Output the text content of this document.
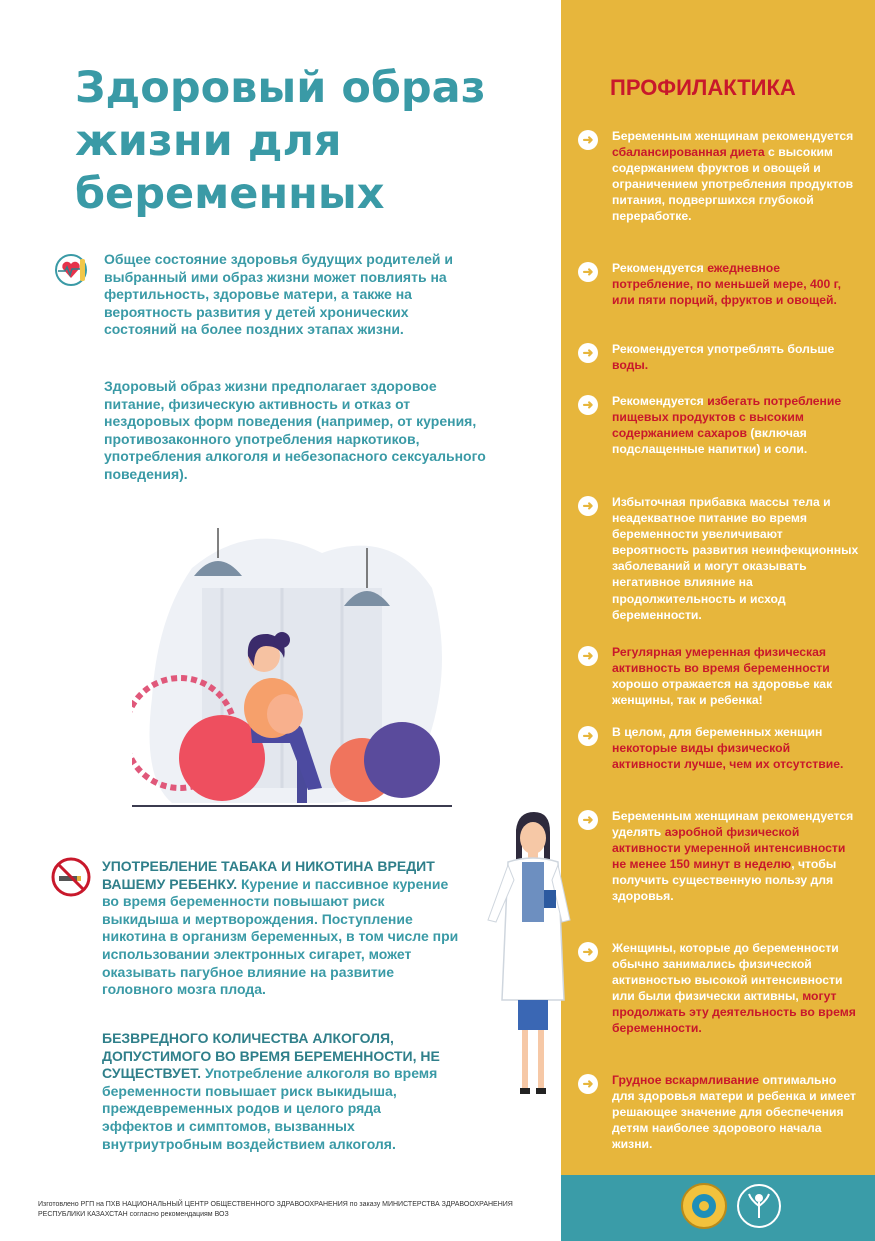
Здоровый образ жизни для беременных

Общее состояние здоровья будущих родителей и выбранный ими образ жизни может повлиять на фертильность, здоровье матери, а также на вероятность развития у детей хронических состояний на более поздних этапах жизни.

Здоровый образ жизни предполагает здоровое питание, физическую активность и отказ от нездоровых форм поведения (например, от курения, противозаконного употребления наркотиков, употребления алкоголя и небезопасного сексуального поведения).

УПОТРЕБЛЕНИЕ ТАБАКА И НИКОТИНА ВРЕДИТ ВАШЕМУ РЕБЕНКУ. Курение и пассивное курение во время беременности повышают риск выкидыша и мертворождения. Поступление никотина в организм беременных, в том числе при использовании электронных сигарет, может оказывать пагубное влияние на развитие головного мозга плода.

БЕЗВРЕДНОГО КОЛИЧЕСТВА АЛКОГОЛЯ, ДОПУСТИМОГО ВО ВРЕМЯ БЕРЕМЕННОСТИ, НЕ СУЩЕСТВУЕТ. Употребление алкоголя во время беременности повышает риск выкидыша, преждевременных родов и целого ряда эффектов и симптомов, вызванных внутриутробным воздействием алкоголя.

ПРОФИЛАКТИКА
➜	Беременным женщинам рекомендуется сбалансированная диета с высоким содержанием фруктов и овощей и ограничением употребления продуктов питания, подвергшихся глубокой переработке.

➜	Рекомендуется ежедневное потребление, по меньшей мере, 400 г, или пяти порций, фруктов и овощей.

➜	Рекомендуется употреблять больше воды.

➜	Рекомендуется избегать потребление пищевых продуктов с высоким содержанием сахаров (включая подслащенные напитки) и соли.

➜	Избыточная прибавка массы тела и неадекватное питание во время беременности увеличивают вероятность развития неинфекционных заболеваний и могут оказывать негативное влияние на продолжительность и исход беременности.

➜	Регулярная умеренная физическая активность во время беременности хорошо отражается на здоровье как женщины, так и ребенка!

➜	В целом, для беременных женщин некоторые виды физической активности лучше, чем их отсутствие.

➜	Беременным женщинам рекомендуется уделять аэробной физической активности умеренной интенсивности не менее 150 минут в неделю, чтобы получить существенную пользу для здоровья.

➜	Женщины, которые до беременности обычно занимались физической активностью высокой интенсивности или были физически активны, могут продолжать эту деятельность во время беременности.

➜	Грудное вскармливание оптимально для здоровья матери и ребенка и имеет решающее значение для обеспечения детям наиболее здорового начала жизни.

Изготовлено РГП на ПХВ НАЦИОНАЛЬНЫЙ ЦЕНТР ОБЩЕСТВЕННОГО ЗДРАВООХРАНЕНИЯ по заказу МИНИСТЕРСТВА ЗДРАВООХРАНЕНИЯ РЕСПУБЛИКИ КАЗАХСТАН согласно рекомендациям ВОЗ
